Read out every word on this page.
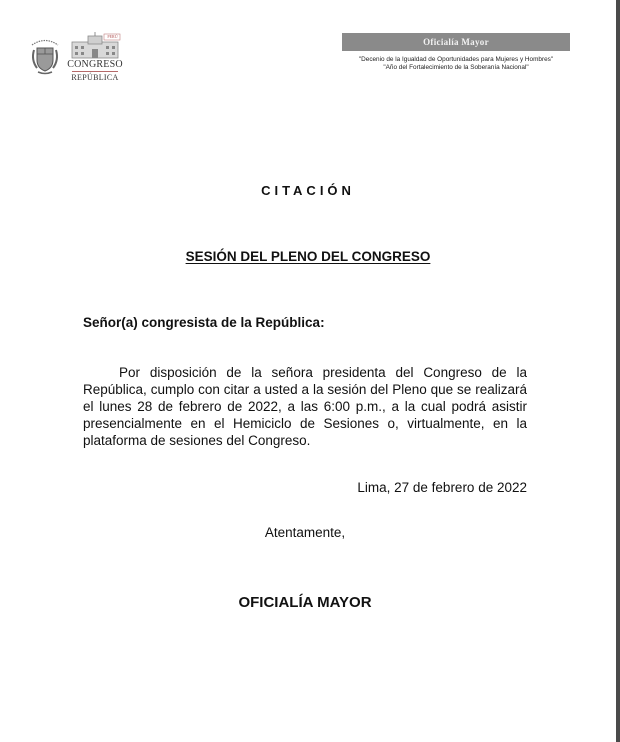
PERÚ
CONGRESO
REPÚBLICA
Oficialía Mayor
"Decenio de la Igualdad de Oportunidades para Mujeres y Hombres"
"Año del Fortalecimiento de la Soberanía Nacional"
CITACIÓN
SESIÓN DEL PLENO DEL CONGRESO
Señor(a) congresista de la República:
Por disposición de la señora presidenta del Congreso de la República, cumplo con citar a usted a la sesión del Pleno que se realizará el lunes 28 de febrero de 2022, a las 6:00 p.m., a la cual podrá asistir presencialmente en el Hemiciclo de Sesiones o, virtualmente, en la plataforma de sesiones del Congreso.
Lima, 27 de febrero de 2022
Atentamente,
OFICIALÍA MAYOR
